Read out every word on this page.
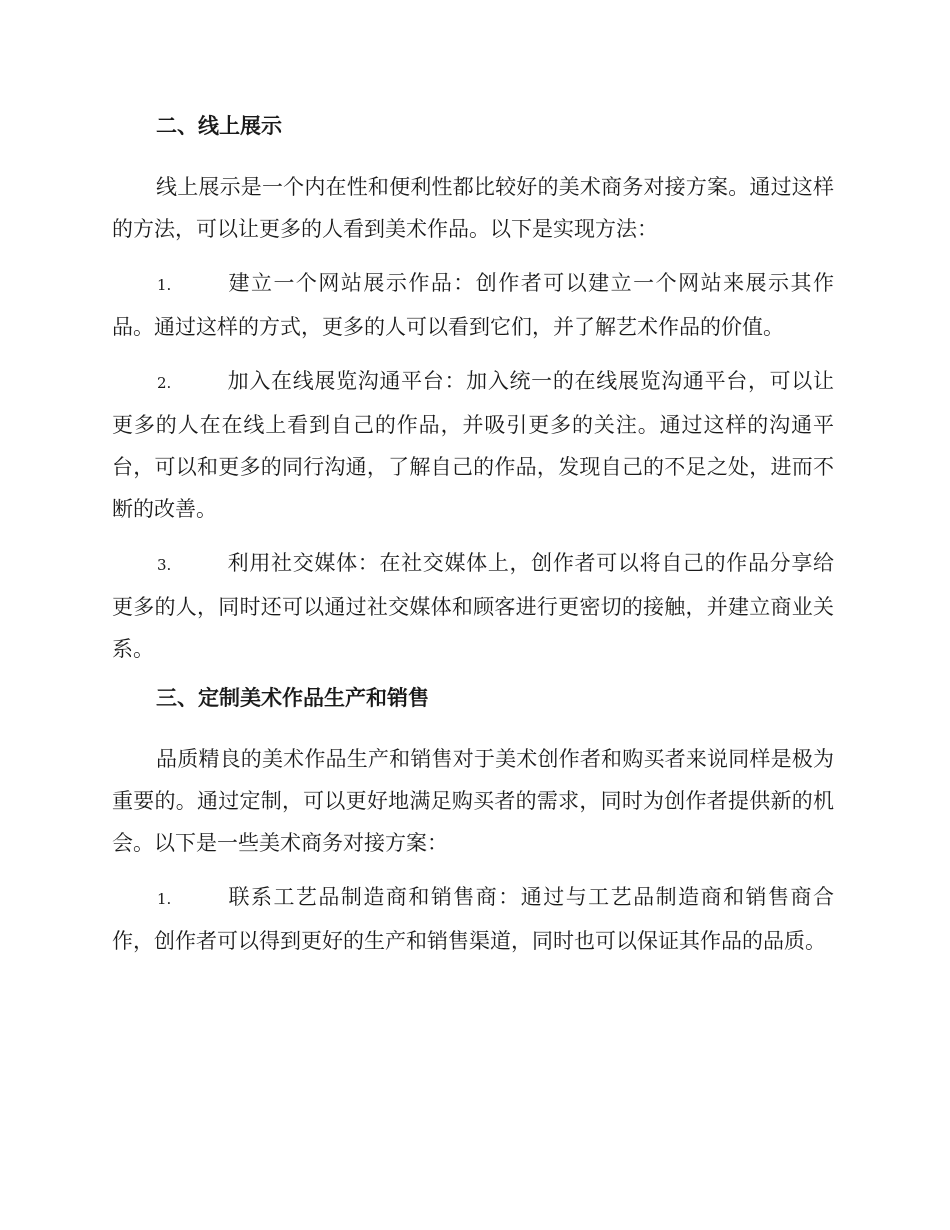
二、线上展示

线上展示是一个内在性和便利性都比较好的美术商务对接方案。通过这样的方法，可以让更多的人看到美术作品。以下是实现方法：

1.	建立一个网站展示作品：创作者可以建立一个网站来展示其作品。通过这样的方式，更多的人可以看到它们，并了解艺术作品的价值。

2.	加入在线展览沟通平台：加入统一的在线展览沟通平台，可以让更多的人在在线上看到自己的作品，并吸引更多的关注。通过这样的沟通平台，可以和更多的同行沟通，了解自己的作品，发现自己的不足之处，进而不断的改善。

3.	利用社交媒体：在社交媒体上，创作者可以将自己的作品分享给更多的人，同时还可以通过社交媒体和顾客进行更密切的接触，并建立商业关系。

三、定制美术作品生产和销售

品质精良的美术作品生产和销售对于美术创作者和购买者来说同样是极为重要的。通过定制，可以更好地满足购买者的需求，同时为创作者提供新的机会。以下是一些美术商务对接方案：

1.	联系工艺品制造商和销售商：通过与工艺品制造商和销售商合作，创作者可以得到更好的生产和销售渠道，同时也可以保证其作品的品质。
